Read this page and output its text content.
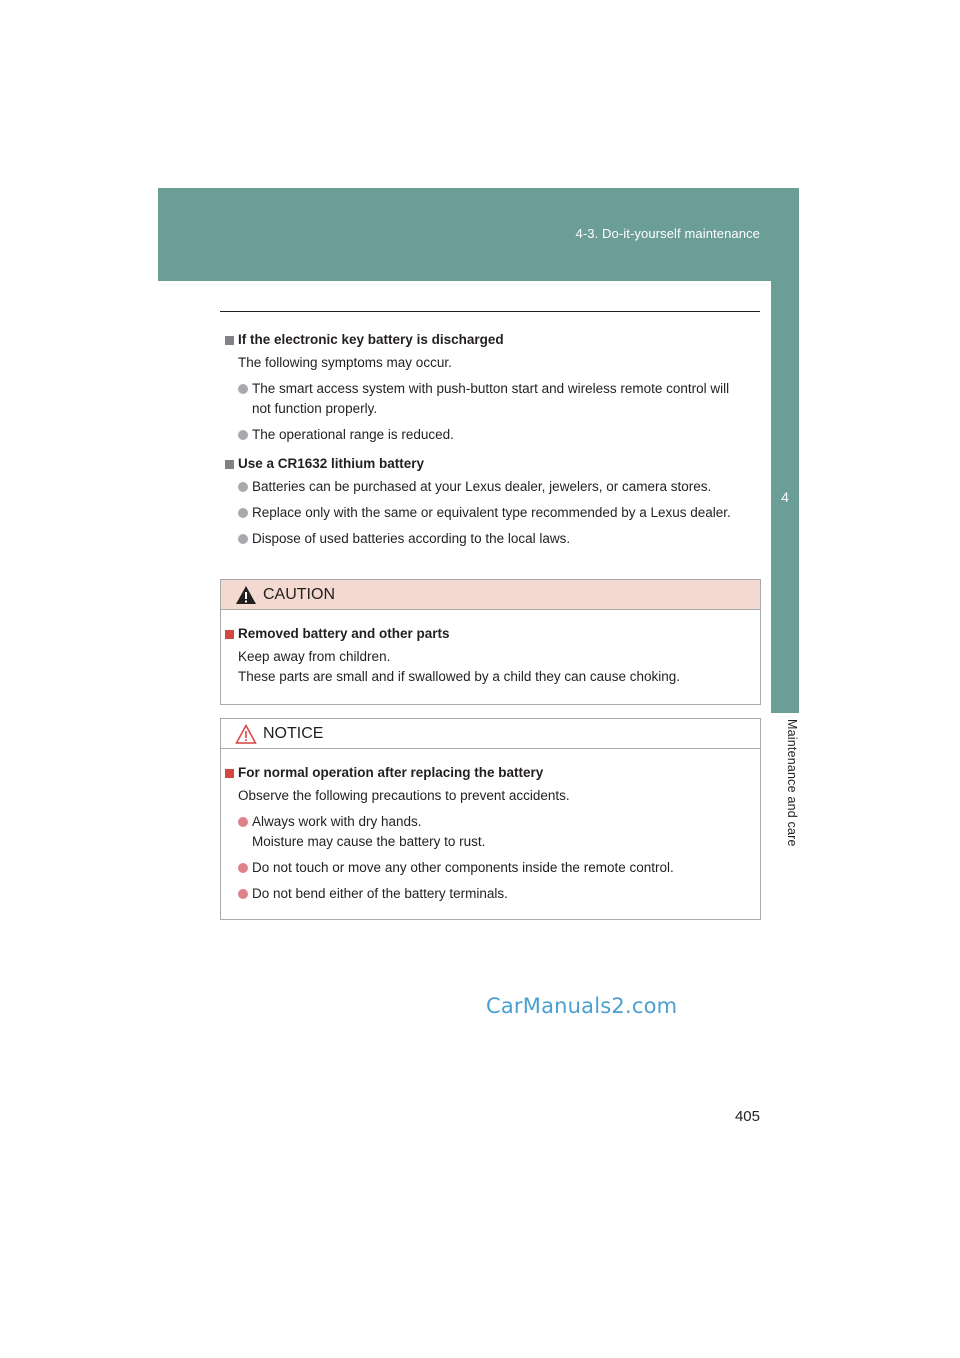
4-3. Do-it-yourself maintenance
4
Maintenance and care

If the electronic key battery is discharged

The following symptoms may occur.

The smart access system with push-button start and wireless remote control will
not function properly.
The operational range is reduced.

Use a CR1632 lithium battery

Batteries can be purchased at your Lexus dealer, jewelers, or camera stores.
Replace only with the same or equivalent type recommended by a Lexus dealer.
Dispose of used batteries according to the local laws.
CAUTION

Removed battery and other parts

Keep away from children.

These parts are small and if swallowed by a child they can cause choking.

NOTICE

For normal operation after replacing the battery

Observe the following precautions to prevent accidents.

Always work with dry hands.
Moisture may cause the battery to rust.
Do not touch or move any other components inside the remote control.
Do not bend either of the battery terminals.
CarManuals2.com
405
